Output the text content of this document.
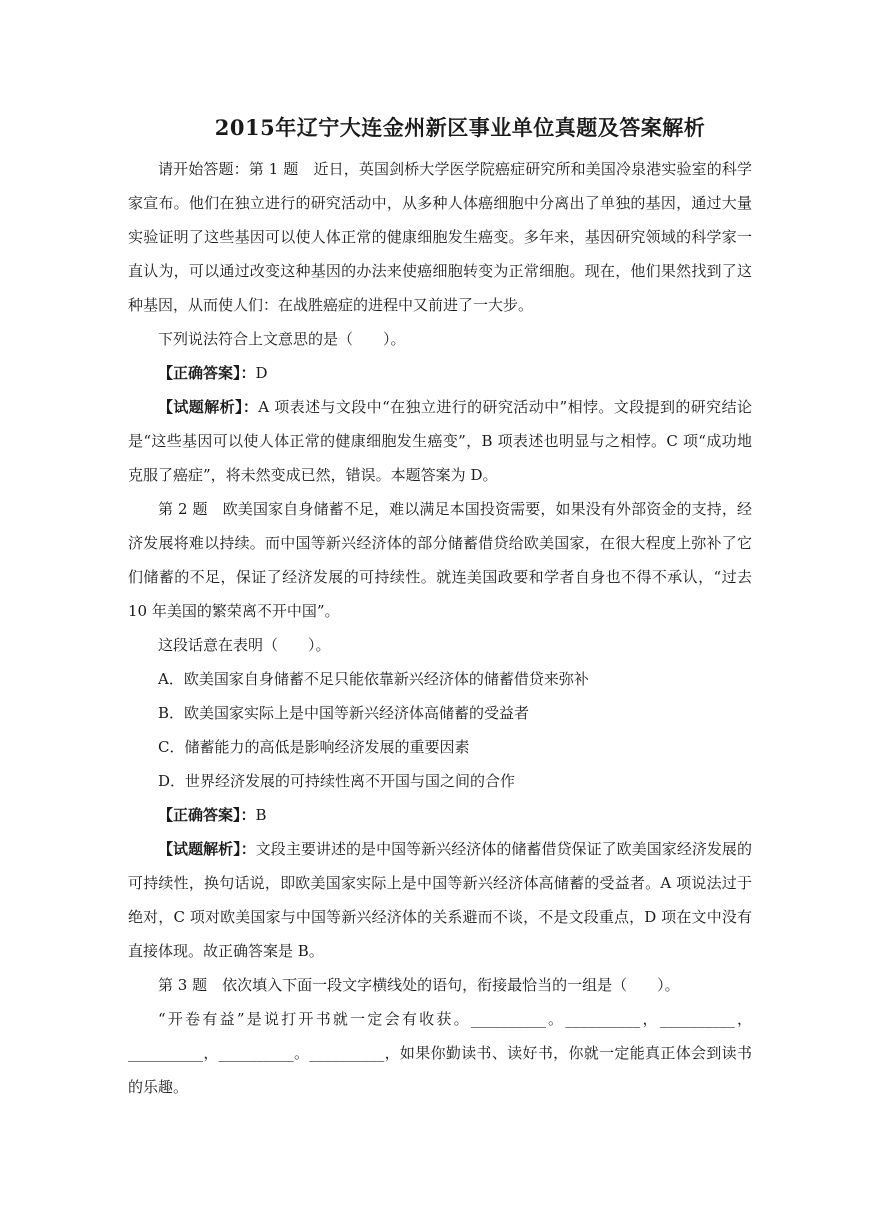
2015年辽宁大连金州新区事业单位真题及答案解析

请开始答题：第 1 题　近日，英国剑桥大学医学院癌症研究所和美国冷泉港实验室的科学家宣布。他们在独立进行的研究活动中，从多种人体癌细胞中分离出了单独的基因，通过大量实验证明了这些基因可以使人体正常的健康细胞发生癌变。多年来，基因研究领域的科学家一直认为，可以通过改变这种基因的办法来使癌细胞转变为正常细胞。现在，他们果然找到了这种基因，从而使人们：在战胜癌症的进程中又前进了一大步。

下列说法符合上文意思的是（　　）。

【正确答案】：D

【试题解析】：A 项表述与文段中“在独立进行的研究活动中”相悖。文段提到的研究结论是“这些基因可以使人体正常的健康细胞发生癌变”，B 项表述也明显与之相悖。C 项“成功地克服了癌症”，将未然变成已然，错误。本题答案为 D。

第 2 题　欧美国家自身储蓄不足，难以满足本国投资需要，如果没有外部资金的支持，经济发展将难以持续。而中国等新兴经济体的部分储蓄借贷给欧美国家，在很大程度上弥补了它们储蓄的不足，保证了经济发展的可持续性。就连美国政要和学者自身也不得不承认，“过去 10 年美国的繁荣离不开中国”。

这段话意在表明（　　）。

A．欧美国家自身储蓄不足只能依靠新兴经济体的储蓄借贷来弥补

B．欧美国家实际上是中国等新兴经济体高储蓄的受益者

C．储蓄能力的高低是影响经济发展的重要因素

D．世界经济发展的可持续性离不开国与国之间的合作

【正确答案】：B

【试题解析】：文段主要讲述的是中国等新兴经济体的储蓄借贷保证了欧美国家经济发展的可持续性，换句话说，即欧美国家实际上是中国等新兴经济体高储蓄的受益者。A 项说法过于绝对，C 项对欧美国家与中国等新兴经济体的关系避而不谈，不是文段重点，D 项在文中没有直接体现。故正确答案是 B。

第 3 题　依次填入下面一段文字横线处的语句，衔接最恰当的一组是（　　）。

“开卷有益”是说打开书就一定会有收获。__________。__________，__________，__________，__________。__________，如果你勤读书、读好书，你就一定能真正体会到读书的乐趣。
